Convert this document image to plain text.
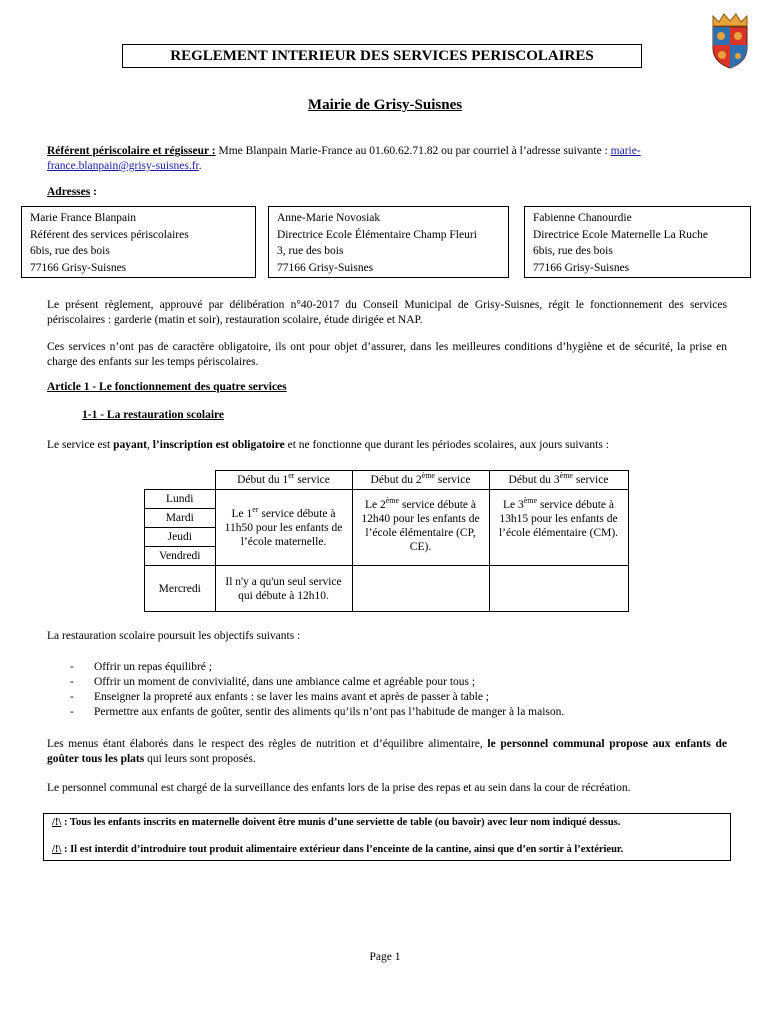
REGLEMENT INTERIEUR DES SERVICES PERISCOLAIRES
Mairie de Grisy-Suisnes
Référent périscolaire et régisseur : Mme Blanpain Marie-France au 01.60.62.71.82 ou par courriel à l’adresse suivante : marie-
france.blanpain@grisy-suisnes.fr.
Adresses :
Marie France Blanpain
Référent des services périscolaires
6bis, rue des bois
77166 Grisy-Suisnes
Anne-Marie Novosiak
Directrice Ecole Élémentaire Champ Fleuri
3, rue des bois
77166 Grisy-Suisnes
Fabienne Chanourdie
Directrice Ecole Maternelle La Ruche
6bis, rue des bois
77166 Grisy-Suisnes
Le présent règlement, approuvé par délibération n°40-2017 du Conseil Municipal de Grisy-Suisnes, régit le fonctionnement des services périscolaires : garderie (matin et soir), restauration scolaire, étude dirigée et NAP.
Ces services n’ont pas de caractère obligatoire, ils ont pour objet d’assurer, dans les meilleures conditions d’hygiène et de sécurité, la prise en charge des enfants sur les temps périscolaires.
Article 1 - Le fonctionnement des quatre services
1-1 - La restauration scolaire
Le service est payant, l’inscription est obligatoire et ne fonctionne que durant les périodes scolaires, aux jours suivants :
	Début du 1er service	Début du 2ème service	Début du 3ème service
Lundi	Le 1er service débute à 11h50 pour les enfants de l’école maternelle.	Le 2ème service débute à 12h40 pour les enfants de l’école élémentaire (CP, CE).	Le 3ème service débute à 13h15 pour les enfants de l’école élémentaire (CM).
Mardi			
Jeudi			
Vendredi			
Mercredi	Il n'y a qu'un seul service qui débute à 12h10.		
La restauration scolaire poursuit les objectifs suivants :
- Offrir un repas équilibré ;
- Offrir un moment de convivialité, dans une ambiance calme et agréable pour tous ;
- Enseigner la propreté aux enfants : se laver les mains avant et après de passer à table ;
- Permettre aux enfants de goûter, sentir des aliments qu’ils n’ont pas l’habitude de manger à la maison.
Les menus étant élaborés dans le respect des règles de nutrition et d’équilibre alimentaire, le personnel communal propose aux enfants de goûter tous les plats qui leurs sont proposés.
Le personnel communal est chargé de la surveillance des enfants lors de la prise des repas et au sein dans la cour de récréation.
/!\ : Tous les enfants inscrits en maternelle doivent être munis d’une serviette de table (ou bavoir) avec leur nom indiqué dessus.
/!\ : Il est interdit d’introduire tout produit alimentaire extérieur dans l’enceinte de la cantine, ainsi que d’en sortir à l’extérieur.
Page 1
